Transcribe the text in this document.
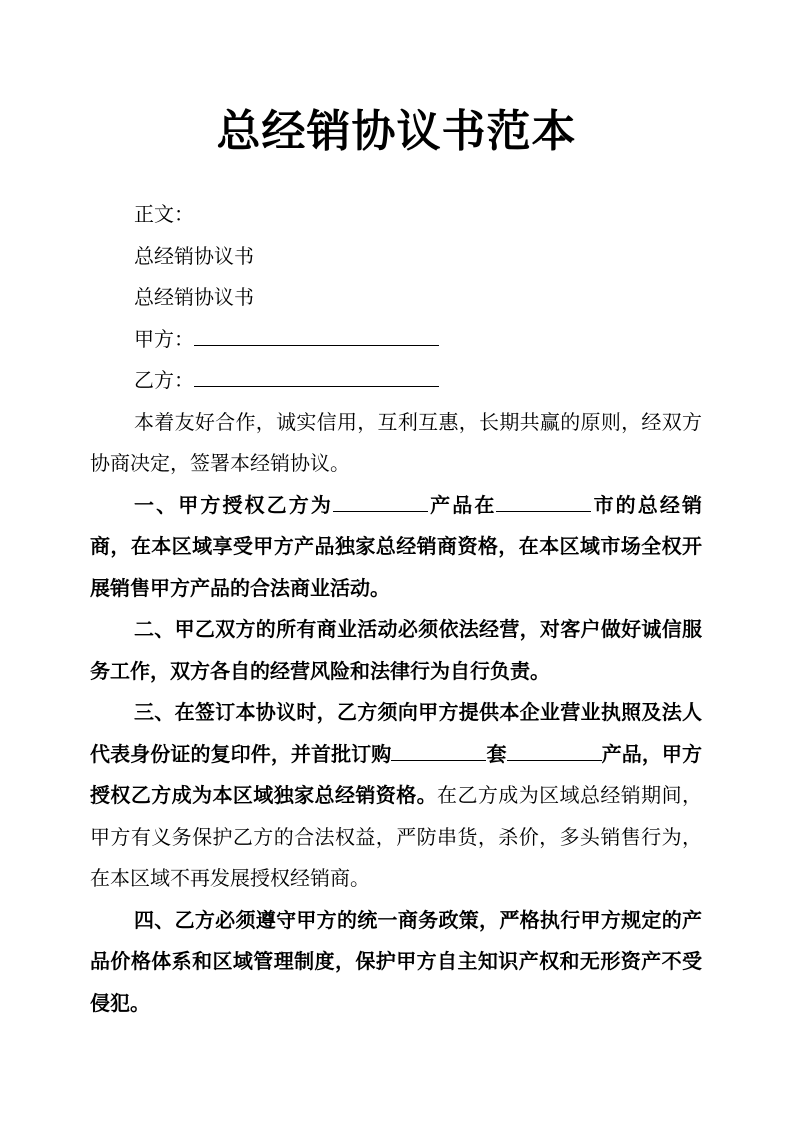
总经销协议书范本

正文：

总经销协议书

总经销协议书

甲方：

乙方：

本着友好合作，诚实信用，互利互惠，长期共赢的原则，经双方协商决定，签署本经销协议。

一、甲方授权乙方为	产品在	市的总经销商，在本区域享受甲方产品独家总经销商资格，在本区域市场全权开展销售甲方产品的合法商业活动。

二、甲乙双方的所有商业活动必须依法经营，对客户做好诚信服务工作，双方各自的经营风险和法律行为自行负责。

三、在签订本协议时，乙方须向甲方提供本企业营业执照及法人代表身份证的复印件，并首批订购	套	产品，甲方授权乙方成为本区域独家总经销资格。在乙方成为区域总经销期间，甲方有义务保护乙方的合法权益，严防串货，杀价，多头销售行为，在本区域不再发展授权经销商。

四、乙方必须遵守甲方的统一商务政策，严格执行甲方规定的产品价格体系和区域管理制度，保护甲方自主知识产权和无形资产不受侵犯。
